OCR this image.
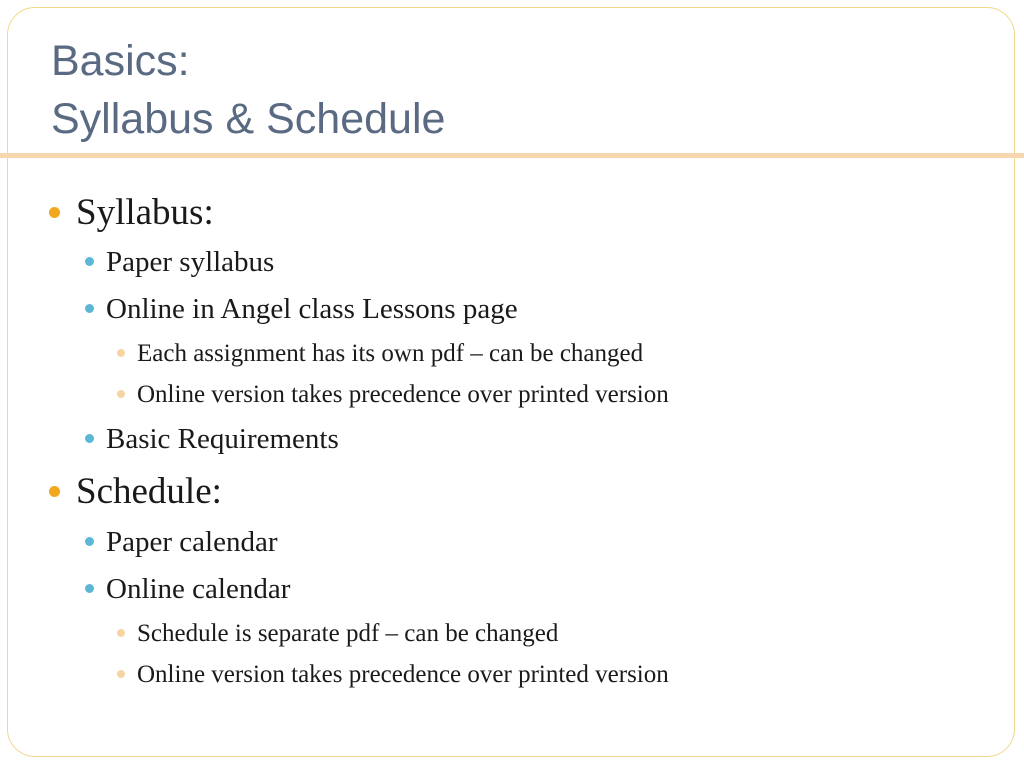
Basics:
Syllabus & Schedule
Syllabus:
Paper syllabus
Online in Angel class Lessons page
Each assignment has its own pdf – can be changed
Online version takes precedence over printed version
Basic Requirements
Schedule:
Paper calendar
Online calendar
Schedule is separate pdf – can be changed
Online version takes precedence over printed version
